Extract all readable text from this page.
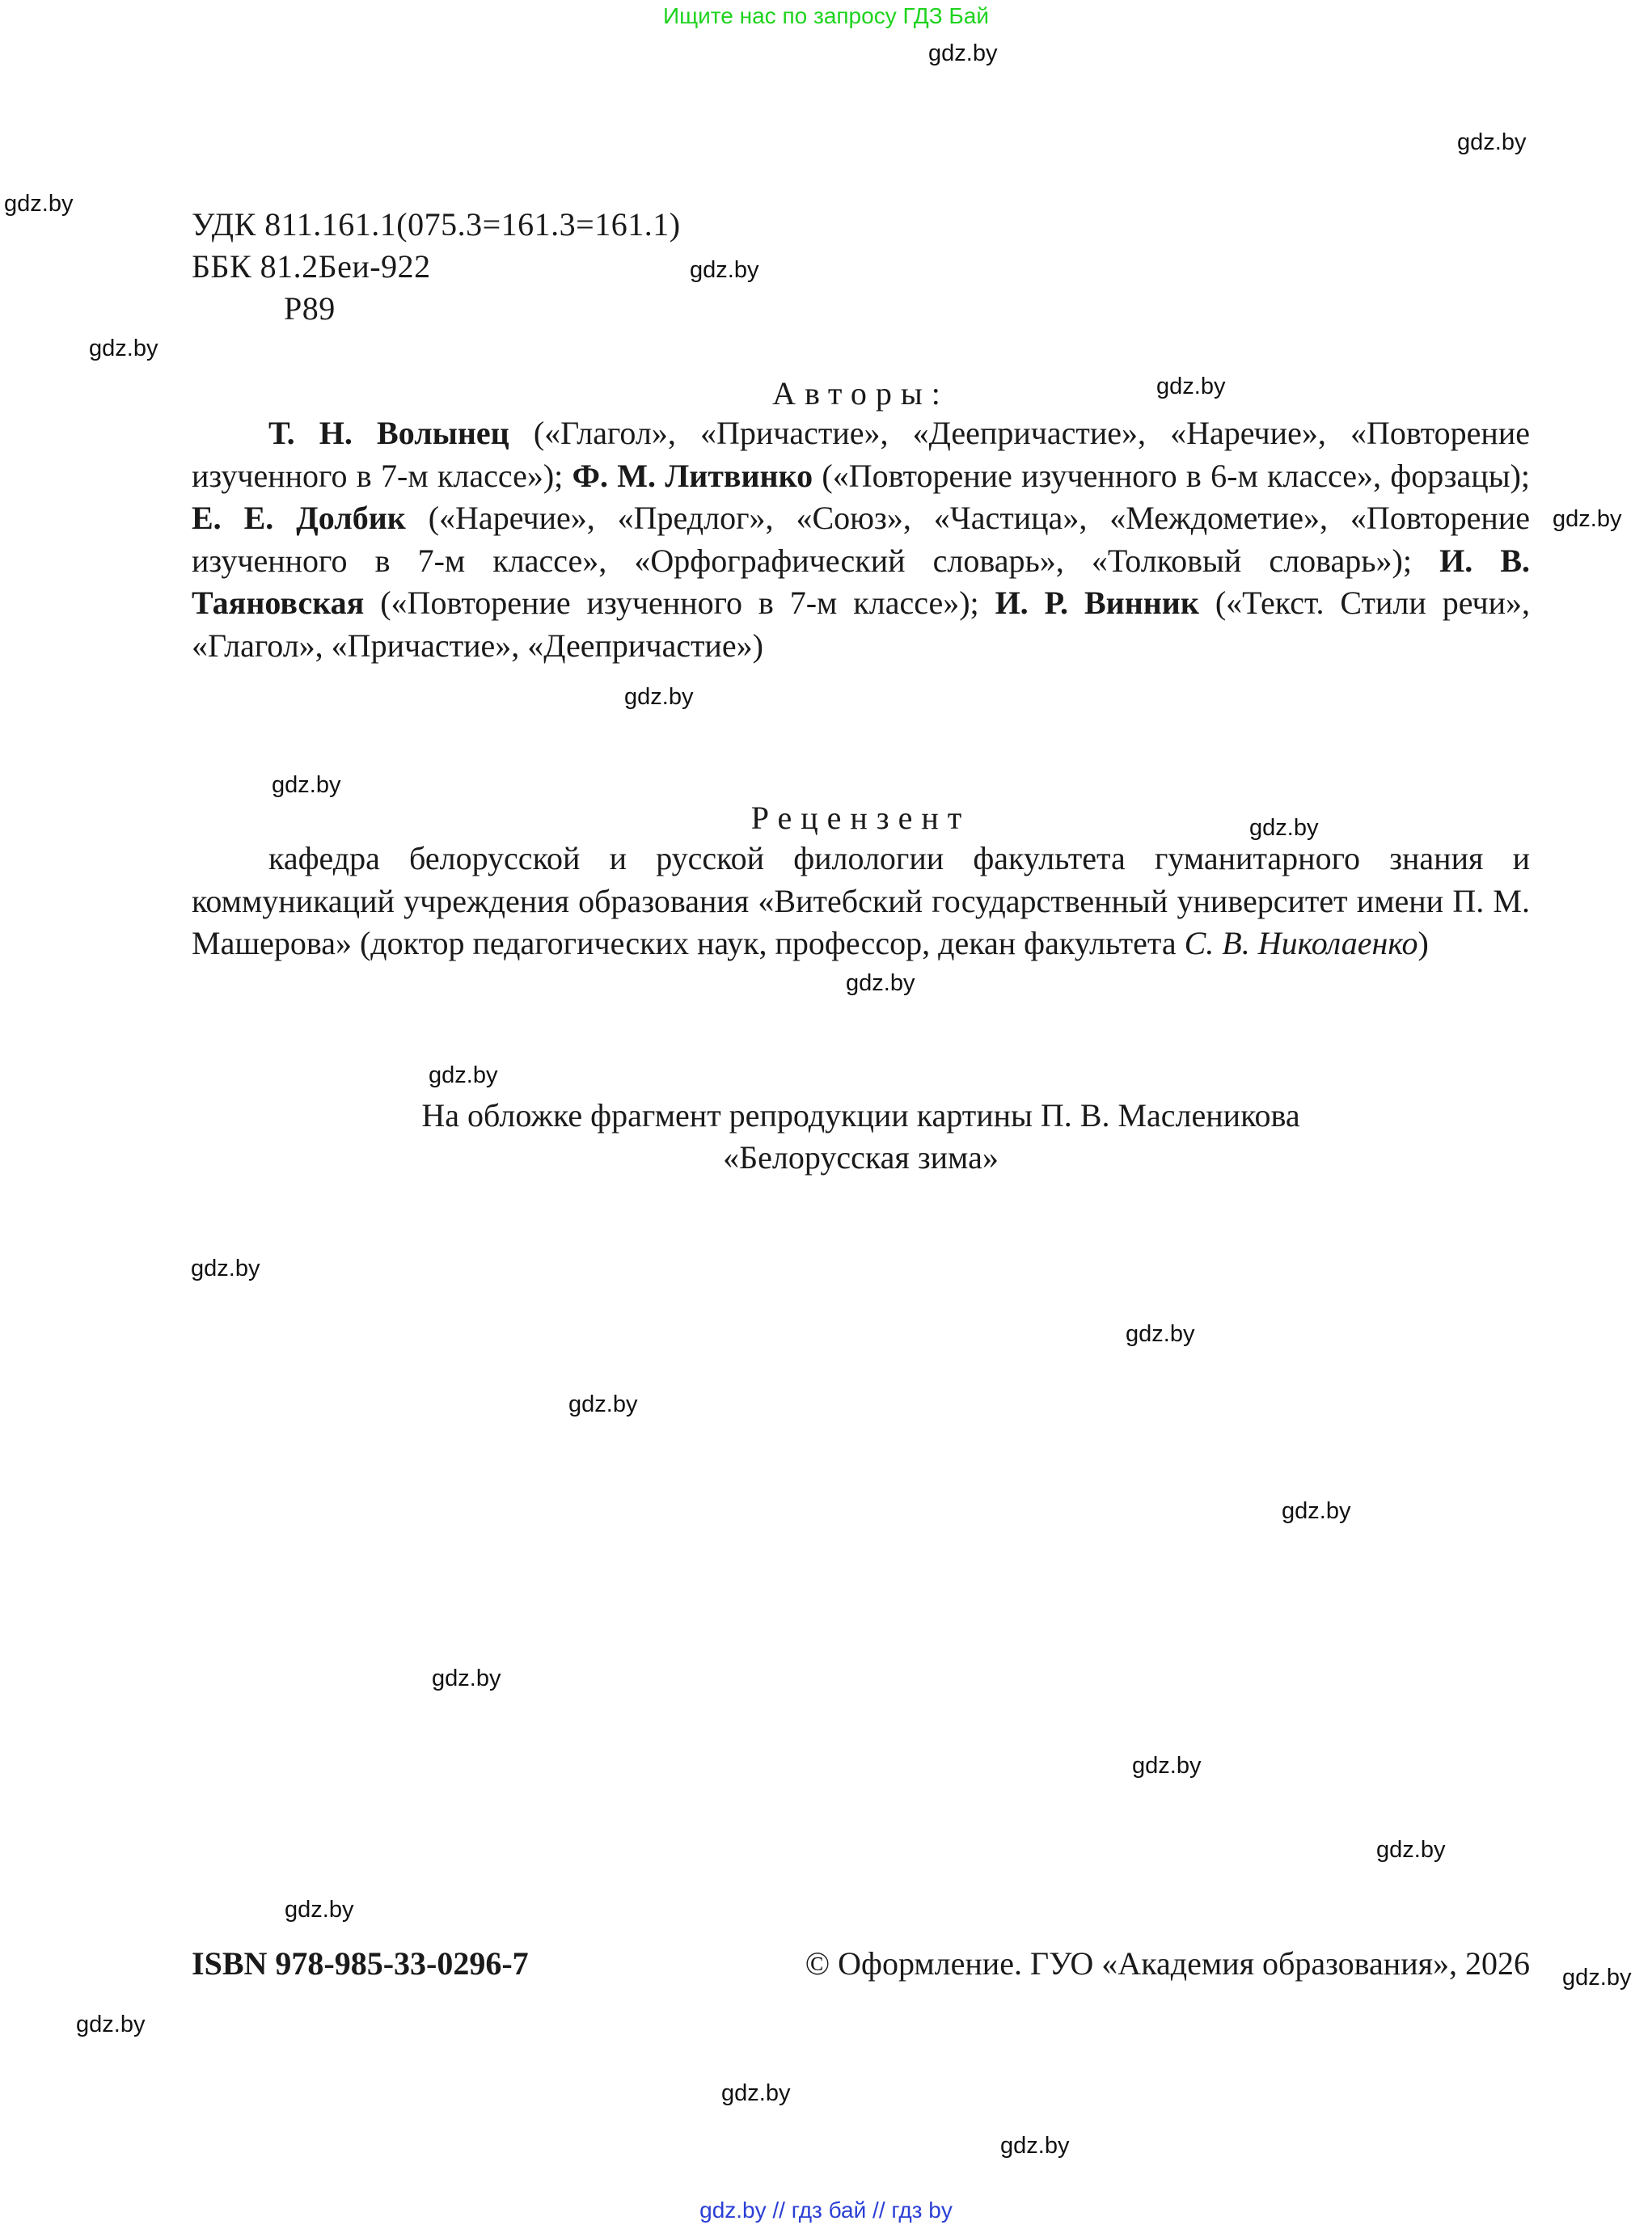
Ищите нас по запросу ГДЗ Бай
gdz.by
gdz.by
gdz.by
gdz.by
gdz.by
gdz.by
gdz.by
gdz.by
gdz.by
gdz.by
gdz.by
gdz.by
gdz.by
gdz.by
gdz.by
gdz.by
gdz.by
gdz.by
gdz.by
gdz.by
gdz.by
gdz.by
gdz.by
gdz.by
УДК 811.161.1(075.3=161.3=161.1)
ББК 81.2Беи-922
Р89
Авторы:

Т. Н. Волынец («Глагол», «Причастие», «Деепричастие», «Наречие», «Повторение изученного в 7-м классе»); Ф. М. Литвинко («Повторение изученного в 6-м классе», форзацы); Е. Е. Долбик («Наречие», «Предлог», «Союз», «Частица», «Междометие», «Повторение изученного в 7-м классе», «Орфографический словарь», «Толковый словарь»); И. В. Таяновская («Повторение изученного в 7-м классе»); И. Р. Винник («Текст. Стили речи», «Глагол», «Причастие», «Деепричастие»)

Рецензент

кафедра белорусской и русской филологии факультета гуманитарного знания и коммуникаций учреждения образования «Витебский государственный университет имени П. М. Машерова» (доктор педагогических наук, профессор, декан факультета С. В. Николаенко)

На обложке фрагмент репродукции картины П. В. Масленикова
«Белорусская зима»
ISBN 978-985-33-0296-7	© Оформление. ГУО «Академия образования», 2026
gdz.by // гдз бай // гдз by
